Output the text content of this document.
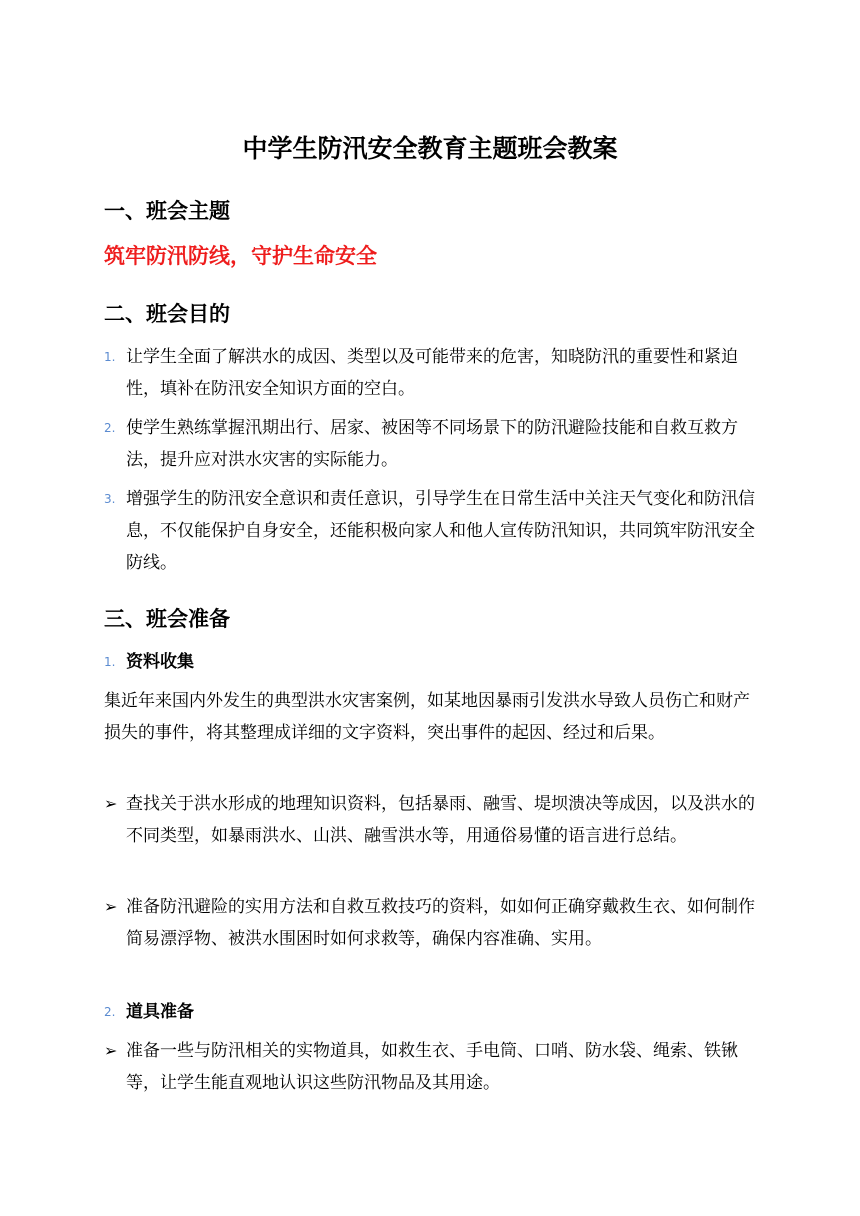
中学生防汛安全教育主题班会教案
一、班会主题
筑牢防汛防线，守护生命安全
二、班会目的
1. 让学生全面了解洪水的成因、类型以及可能带来的危害，知晓防汛的重要性和紧迫性，填补在防汛安全知识方面的空白。
2. 使学生熟练掌握汛期出行、居家、被困等不同场景下的防汛避险技能和自救互救方法，提升应对洪水灾害的实际能力。
3. 增强学生的防汛安全意识和责任意识，引导学生在日常生活中关注天气变化和防汛信息，不仅能保护自身安全，还能积极向家人和他人宣传防汛知识，共同筑牢防汛安全防线。
三、班会准备
1. 资料收集
集近年来国内外发生的典型洪水灾害案例，如某地因暴雨引发洪水导致人员伤亡和财产损失的事件，将其整理成详细的文字资料，突出事件的起因、经过和后果。
➢ 查找关于洪水形成的地理知识资料，包括暴雨、融雪、堤坝溃决等成因，以及洪水的不同类型，如暴雨洪水、山洪、融雪洪水等，用通俗易懂的语言进行总结。
➢ 准备防汛避险的实用方法和自救互救技巧的资料，如如何正确穿戴救生衣、如何制作简易漂浮物、被洪水围困时如何求救等，确保内容准确、实用。
2. 道具准备
➢ 准备一些与防汛相关的实物道具，如救生衣、手电筒、口哨、防水袋、绳索、铁锹等，让学生能直观地认识这些防汛物品及其用途。
